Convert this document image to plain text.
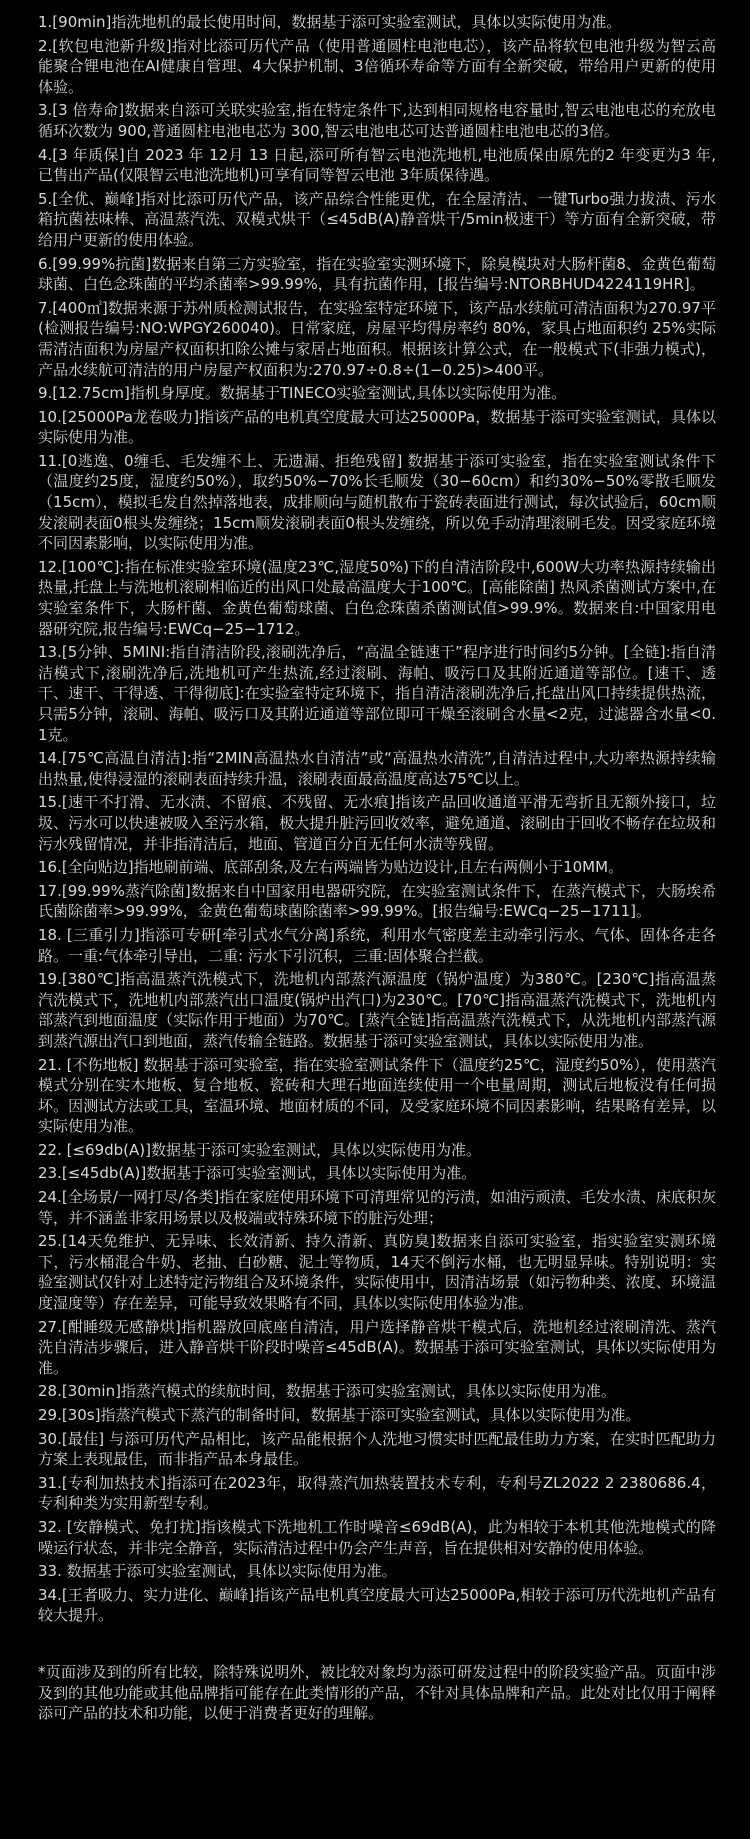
1.[90min]指洗地机的最长使用时间，数据基于添可实验室测试，具体以实际使用为准。
2.[软包电池新升级]指对比添可历代产品（使用普通圆柱电池电芯），该产品将软包电池升级为智云高能聚合锂电池在AI健康自管理、4大保护机制、3倍循环寿命等方面有全新突破，带给用户更新的使用体验。
3.[3 倍寿命]数据来自添可关联实验室,指在特定条件下,达到相同规格电容量时,智云电池电芯的充放电循环次数为 900,普通圆柱电池电芯为 300,智云电池电芯可达普通圆柱电池电芯的3倍。
4.[3 年质保]自 2023 年 12月 13 日起,添可所有智云电池洗地机,电池质保由原先的2 年变更为3 年,已售出产品(仅限智云电池洗地机)可享有同等智云电池 3年质保待遇。
5.[全优、巅峰]指对比添可历代产品，该产品综合性能更优，在全屋清洁、一键Turbo强力拔渍、污水箱抗菌祛味棒、高温蒸汽洗、双模式烘干（≤45dB(A)静音烘干/5min极速干）等方面有全新突破，带给用户更新的使用体验。
6.[99.99%抗菌]数据来自第三方实验室，指在实验室实测环境下，除臭模块对大肠杆菌8、金黄色葡萄球菌、白色念珠菌的平均杀菌率>99.99%，具有抗菌作用，[报告编号:NTORBHUD4224119HR]。
7.[400㎡]数据来源于苏州质检测试报告，在实验室特定环境下，该产品水续航可清洁面积为270.97平(检测报告编号:NO:WPGY260040)。日常家庭，房屋平均得房率约 80%，家具占地面积约 25%实际需清洁面积为房屋产权面积扣除公摊与家居占地面积。根据该计算公式，在一般模式下(非强力模式)，产品水续航可清洁的用户房屋产权面积为:270.97÷0.8÷(1−0.25)>400平。
9.[12.75cm]指机身厚度。数据基于TINECO实验室测试,具体以实际使用为准。
10.[25000Pa龙卷吸力]指该产品的电机真空度最大可达25000Pa，数据基于添可实验室测试，具体以实际使用为准。
11.[0逃逸、0缠毛、毛发缠不上、无遗漏、拒绝残留] 数据基于添可实验室，指在实验室测试条件下（温度约25度，湿度约50%），取约50%−70%长毛顺发（30−60cm）和约30%−50%零散毛顺发（15cm），模拟毛发自然掉落地表，成排顺向与随机散布于瓷砖表面进行测试，每次试验后，60cm顺发滚刷表面0根头发缠绕；15cm顺发滚刷表面0根头发缠绕，所以免手动清理滚刷毛发。因受家庭环境不同因素影响，以实际使用为准。
12.[100℃]:指在标准实验室环境(温度23℃,湿度50%)下的自清洁阶段中,600W大功率热源持续输出热量,托盘上与洗地机滚刷相临近的出风口处最高温度大于100℃。[高能除菌] 热风杀菌测试方案中,在实验室条件下，大肠杆菌、金黄色葡萄球菌、白色念珠菌杀菌测试值>99.9%。数据来自:中国家用电器研究院,报告编号:EWCq−25−1712。
13.[5分钟、5MINI:指自清洁阶段,滚刷洗净后，“高温全链速干”程序进行时间约5分钟。[全链]:指自清洁模式下,滚刷洗净后,洗地机可产生热流,经过滚刷、海帕、吸污口及其附近通道等部位。[速干、透干、速干、干得透、干得彻底]:在实验室特定环境下，指自清洁滚刷洗净后,托盘出风口持续提供热流，只需5分钟，滚刷、海帕、吸污口及其附近通道等部位即可干燥至滚刷含水量<2克，过滤器含水量<0.1克。
14.[75℃高温自清洁]:指“2MIN高温热水自清洁”或“高温热水清洗”,自清洁过程中,大功率热源持续输出热量,使得浸湿的滚刷表面持续升温，滚刷表面最高温度高达75℃以上。
15.[速干不打滑、无水渍、不留痕、不残留、无水痕]指该产品回收通道平滑无弯折且无额外接口，垃圾、污水可以快速被吸入至污水箱，极大提升脏污回收效率，避免通道、滚刷由于回收不畅存在垃圾和污水残留情况，并非指清洁后，地面、管道百分百无任何水渍等残留。
16.[全向贴边]指地刷前端、底部刮条,及左右两端皆为贴边设计,且左右两侧小于10MM。
17.[99.99%蒸汽除菌]数据来自中国家用电器研究院，在实验室测试条件下，在蒸汽模式下，大肠埃希氏菌除菌率>99.99%，金黄色葡萄球菌除菌率>99.99%。[报告编号:EWCq−25−1711]。
18. [三重引力]指添可专研[牵引式水气分离]系统，利用水气密度差主动牵引污水、气体、固体各走各路。一重:气体牵引导出，二重: 污水下引沉积，三重:固体聚合拦截。
19.[380℃]指高温蒸汽洗模式下，洗地机内部蒸汽源温度（锅炉温度）为380℃。[230℃]指高温蒸汽洗模式下，洗地机内部蒸汽出口温度(锅炉出汽口)为230℃。[70℃]指高温蒸汽洗模式下，洗地机内部蒸汽到地面温度（实际作用于地面）为70℃。[蒸汽全链]指高温蒸汽洗模式下，从洗地机内部蒸汽源到蒸汽源出汽口到地面，蒸汽传输全链路。数据基于添可实验室测试，具体以实际使用为准。
21. [不伤地板] 数据基于添可实验室，指在实验室测试条件下（温度约25℃，湿度约50%），使用蒸汽模式分别在实木地板、复合地板、瓷砖和大理石地面连续使用一个电量周期，测试后地板没有任何损坏。因测试方法或工具，室温环境、地面材质的不同，及受家庭环境不同因素影响，结果略有差异，以实际使用为准。
22. [≤69db(A)]数据基于添可实验室测试，具体以实际使用为准。
23.[≤45db(A)]数据基于添可实验室测试，具体以实际使用为准。
24.[全场景/一网打尽/各类]指在家庭使用环境下可清理常见的污渍，如油污顽渍、毛发水渍、床底积灰等，并不涵盖非家用场景以及极端或特殊环境下的脏污处理；
25.[14天免维护、无异味、长效清新、持久清新、真防臭]数据来自添可实验室，指实验室实测环境下，污水桶混合牛奶、老抽、白砂糖、泥土等物质，14天不倒污水桶，也无明显异味。特别说明：实验室测试仅针对上述特定污物组合及环境条件，实际使用中，因清洁场景（如污物种类、浓度、环境温度湿度等）存在差异，可能导致效果略有不同，具体以实际使用体验为准。
27.[酣睡级无感静烘]指机器放回底座自清洁，用户选择静音烘干模式后，洗地机经过滚刷清洗、蒸汽洗自清洁步骤后，进入静音烘干阶段时噪音≤45dB(A)。数据基于添可实验室测试，具体以实际使用为准。
28.[30min]指蒸汽模式的续航时间，数据基于添可实验室测试，具体以实际使用为准。
29.[30s]指蒸汽模式下蒸汽的制备时间，数据基于添可实验室测试，具体以实际使用为准。
30.[最佳] 与添可历代产品相比，该产品能根据个人洗地习惯实时匹配最佳助力方案，在实时匹配助力方案上表现最佳，而非指产品本身最佳。
31.[专利加热技术]指添可在2023年，取得蒸汽加热装置技术专利，专利号ZL2022 2 2380686.4，专利种类为实用新型专利。
32. [安静模式、免打扰]指该模式下洗地机工作时噪音≤69dB(A)，此为相较于本机其他洗地模式的降噪运行状态，并非完全静音，实际清洁过程中仍会产生声音，旨在提供相对安静的使用体验。
33. 数据基于添可实验室测试，具体以实际使用为准。
34.[王者吸力、实力进化、巅峰]指该产品电机真空度最大可达25000Pa,相较于添可历代洗地机产品有较大提升。

*页面涉及到的所有比较，除特殊说明外，被比较对象均为添可研发过程中的阶段实验产品。页面中涉及到的其他功能或其他品牌指可能存在此类情形的产品，不针对具体品牌和产品。此处对比仅用于阐释添可产品的技术和功能，以便于消费者更好的理解。
